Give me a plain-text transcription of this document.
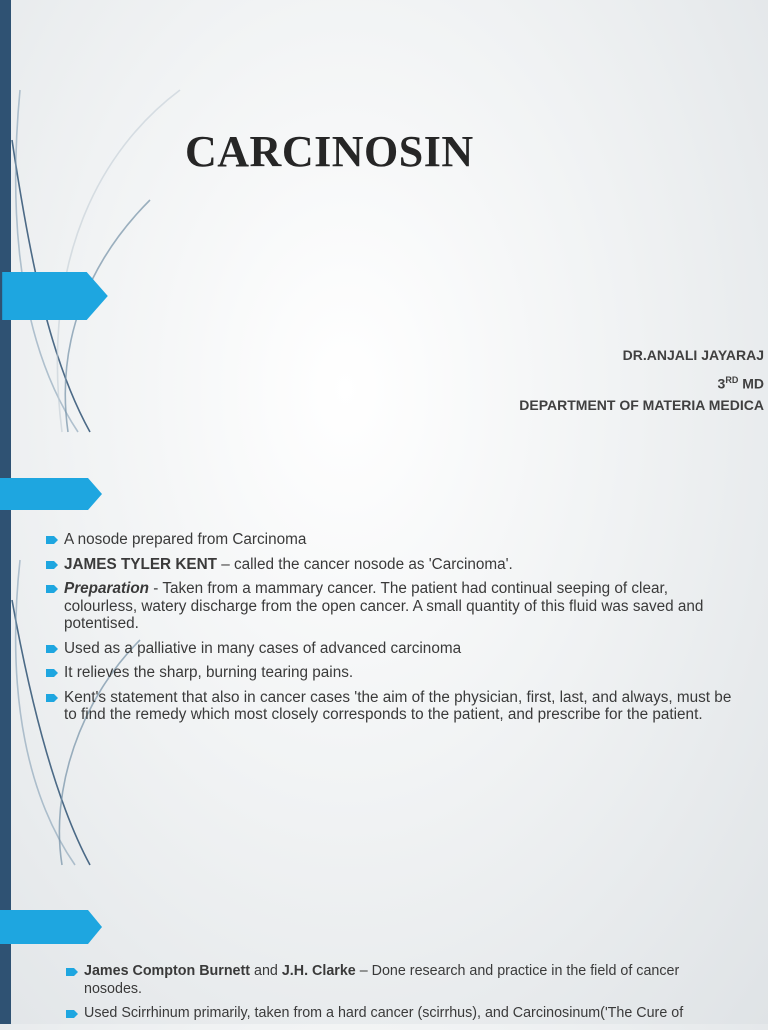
CARCINOSIN
DR.ANJALI JAYARAJ
3RD MD
DEPARTMENT OF MATERIA MEDICA
A nosode prepared from Carcinoma
JAMES TYLER KENT – called the cancer nosode as 'Carcinoma'.
Preparation - Taken from a mammary cancer. The patient had continual seeping of clear, colourless, watery discharge from the open cancer. A small quantity of this fluid was saved and potentised.
Used as a palliative in many cases of advanced carcinoma
It relieves the sharp, burning tearing pains.
Kent's statement that also in cancer cases 'the aim of the physician, first, last, and always, must be to find the remedy which most closely corresponds to the patient, and prescribe for the patient.
James Compton Burnett and J.H. Clarke – Done research and practice in the field of cancer nosodes.
Used Scirrhinum primarily, taken from a hard cancer (scirrhus), and Carcinosinum('The Cure of
